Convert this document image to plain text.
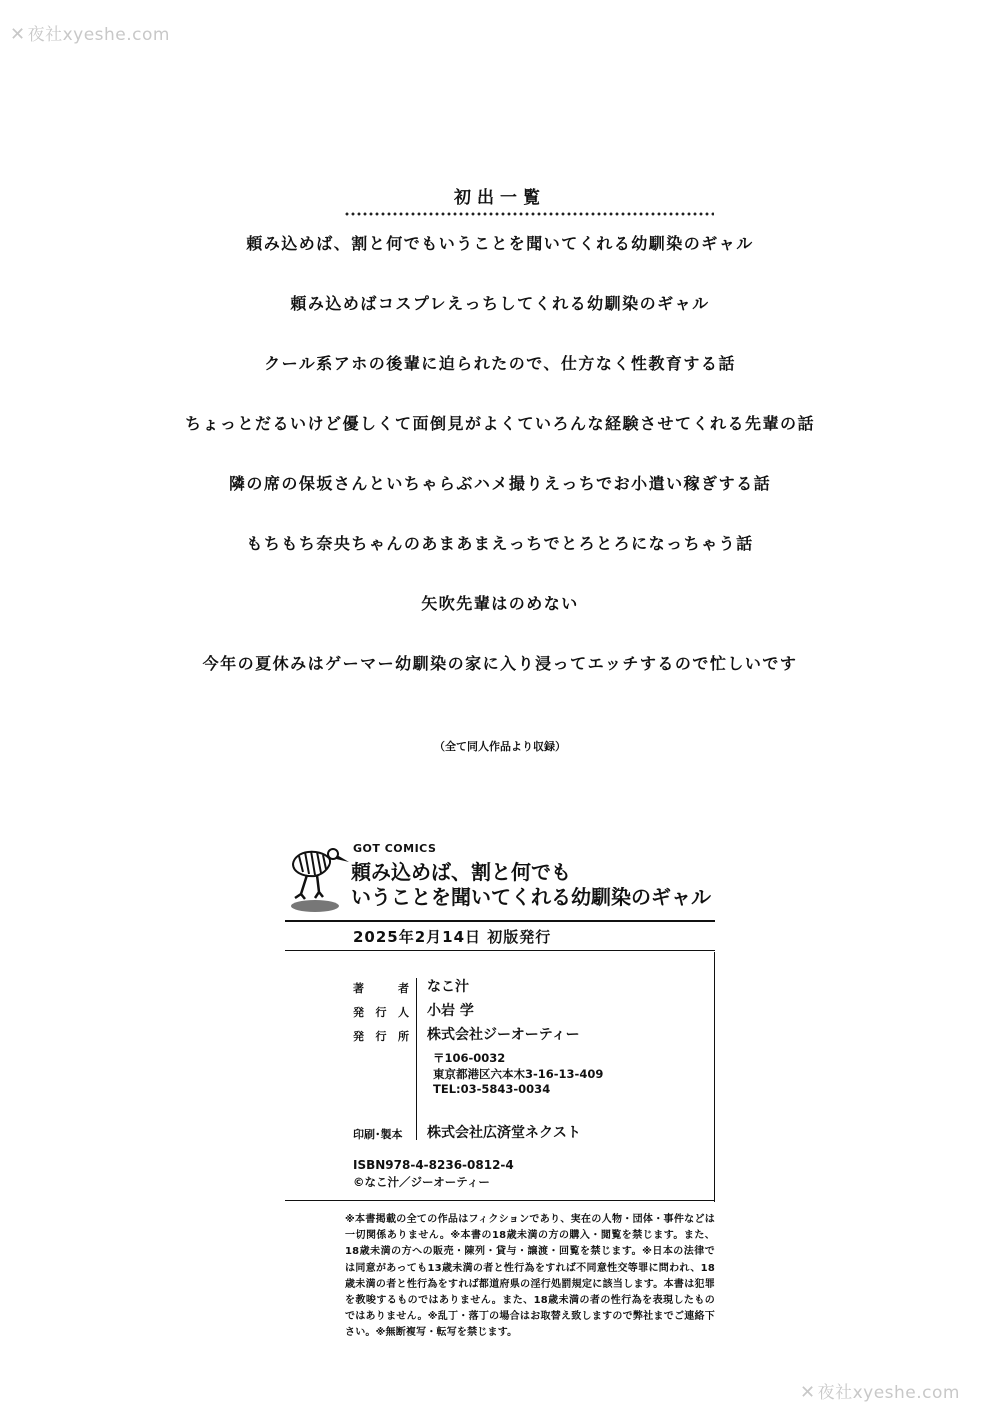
✕ 夜社xyeshe.com
初出一覧
頼み込めば、割と何でもいうことを聞いてくれる幼馴染のギャル
頼み込めばコスプレえっちしてくれる幼馴染のギャル
クール系アホの後輩に迫られたので、仕方なく性教育する話
ちょっとだるいけど優しくて面倒見がよくていろんな経験させてくれる先輩の話
隣の席の保坂さんといちゃらぶハメ撮りえっちでお小遣い稼ぎする話
もちもち奈央ちゃんのあまあまえっちでとろとろになっちゃう話
矢吹先輩はのめない
今年の夏休みはゲーマー幼馴染の家に入り浸ってエッチするので忙しいです
（全て同人作品より収録）
GOT COMICS
頼み込めば、割と何でも
いうことを聞いてくれる幼馴染のギャル
2025年2月14日 初版発行
著	者 なこ汁
発 行 人 小岩 学
発 行 所 株式会社ジーオーティー
〒106-0032
東京都港区六本木3-16-13-409
TEL:03-5843-0034
印刷･製本	株式会社広済堂ネクスト
ISBN978-4-8236-0812-4
©なこ汁／ジーオーティー
※本書掲載の全ての作品はフィクションであり、実在の人物・団体・事件などは一切関係ありません。※本書の18歳未満の方の購入・閲覧を禁じます。また、18歳未満の方への販売・陳列・貸与・譲渡・回覧を禁じます。※日本の法律では同意があっても13歳未満の者と性行為をすれば不同意性交等罪に問われ、18歳未満の者と性行為をすれば都道府県の淫行処罰規定に該当します。本書は犯罪を教唆するものではありません。また、18歳未満の者の性行為を表現したものではありません。※乱丁・落丁の場合はお取替え致しますので弊社までご連絡下さい。※無断複写・転写を禁じます。
✕ 夜社xyeshe.com
